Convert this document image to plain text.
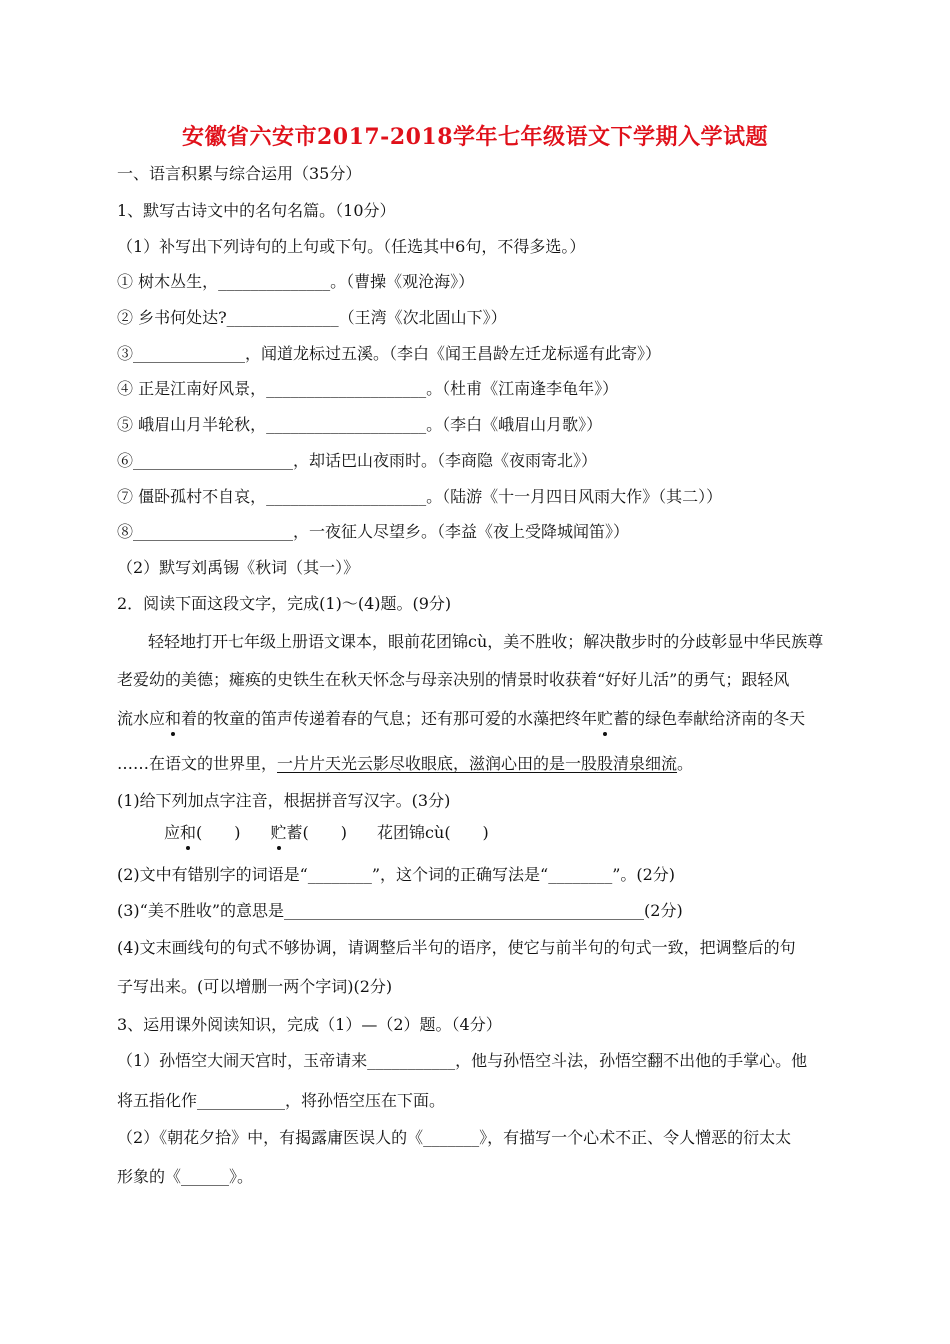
安徽省六安市2017-2018学年七年级语文下学期入学试题
一、语言积累与综合运用（35分）
1、默写古诗文中的名句名篇。（10分）
（1）补写出下列诗句的上句或下句。（任选其中6句，不得多选。）
① 树木丛生，______________。（曹操《观沧海》）
② 乡书何处达?______________（王湾《次北固山下》）
③______________，闻道龙标过五溪。（李白《闻王昌龄左迁龙标遥有此寄》）
④ 正是江南好风景，____________________。（杜甫《江南逢李龟年》）
⑤ 峨眉山月半轮秋，____________________。（李白《峨眉山月歌》）
⑥____________________，却话巴山夜雨时。（李商隐《夜雨寄北》）
⑦ 僵卧孤村不自哀，____________________。（陆游《十一月四日风雨大作》（其二））
⑧____________________，一夜征人尽望乡。（李益《夜上受降城闻笛》）
（2）默写刘禹锡《秋词（其一）》
2．阅读下面这段文字，完成(1)～(4)题。(9分)
轻轻地打开七年级上册语文课本，眼前花团锦cù，美不胜收；解决散步时的分歧彰显中华民族尊
老爱幼的美德；瘫痪的史铁生在秋天怀念与母亲决别的情景时收获着“好好儿活”的勇气；跟轻风
流水应和着的牧童的笛声传递着春的气息；还有那可爱的水藻把终年贮蓄的绿色奉献给济南的冬天
……在语文的世界里，一片片天光云影尽收眼底，滋润心田的是一股股清泉细流。
(1)给下列加点字注音，根据拼音写汉字。(3分)
应和(　　) 贮蓄(　　) 花团锦cù(　　)
(2)文中有错别字的词语是“________”，这个词的正确写法是“________”。(2分)
(3)“美不胜收”的意思是_____________________________________________(2分)
(4)文末画线句的句式不够协调，请调整后半句的语序，使它与前半句的句式一致，把调整后的句
子写出来。(可以增删一两个字词)(2分)
3、运用课外阅读知识，完成（1）—（2）题。（4分）
（1）孙悟空大闹天宫时，玉帝请来___________，他与孙悟空斗法，孙悟空翻不出他的手掌心。他
将五指化作___________，将孙悟空压在下面。
（2）《朝花夕拾》中，有揭露庸医误人的《_______》，有描写一个心术不正、令人憎恶的衍太太
形象的《______》。
